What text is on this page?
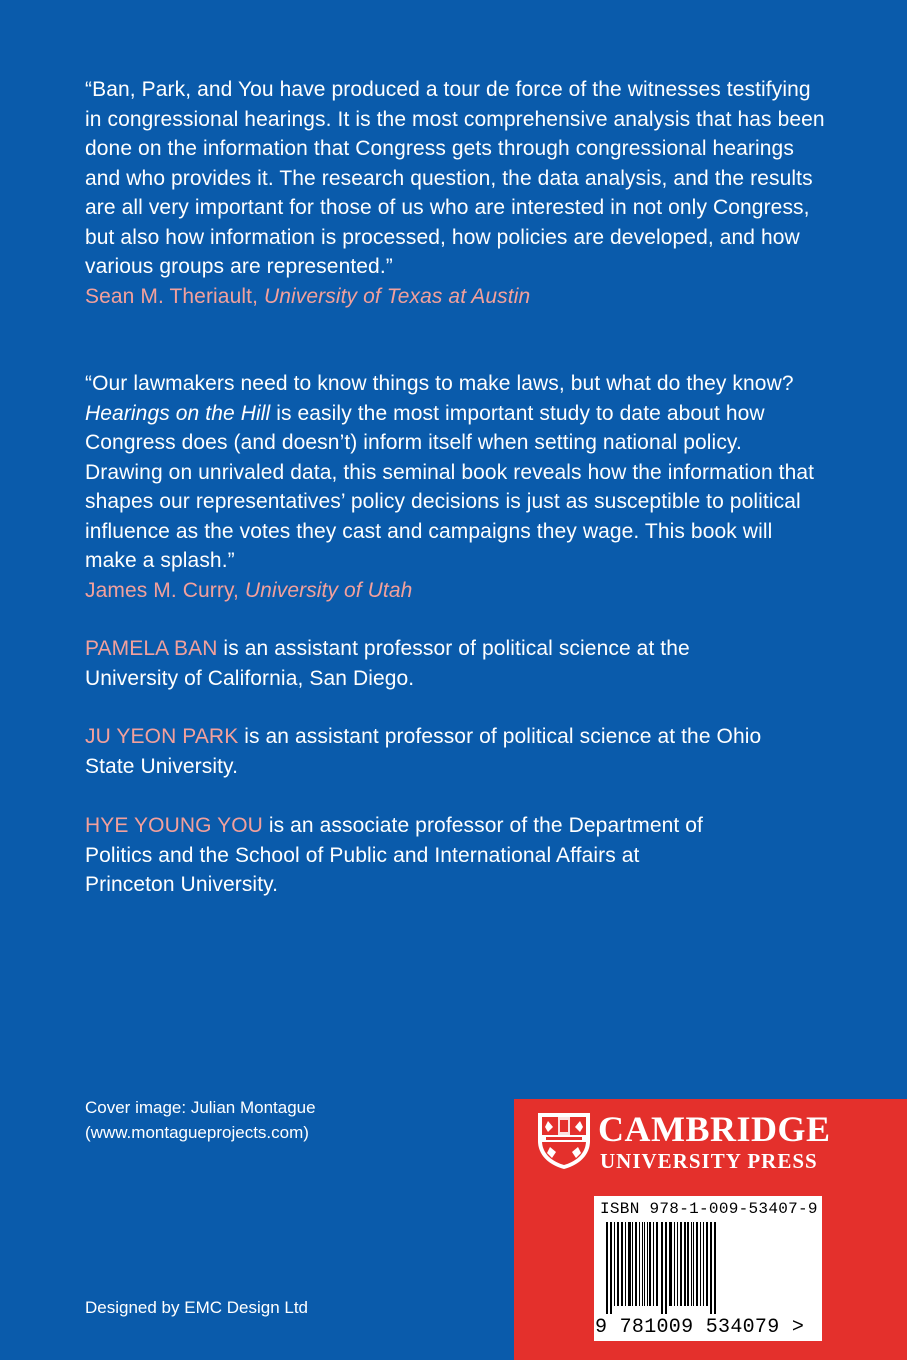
“Ban, Park, and You have produced a tour de force of the witnesses testifying in congressional hearings. It is the most comprehensive analysis that has been done on the information that Congress gets through congressional hearings and who provides it. The research question, the data analysis, and the results are all very important for those of us who are interested in not only Congress, but also how information is processed, how policies are developed, and how various groups are represented.”
Sean M. Theriault, University of Texas at Austin
“Our lawmakers need to know things to make laws, but what do they know? Hearings on the Hill is easily the most important study to date about how Congress does (and doesn’t) inform itself when setting national policy. Drawing on unrivaled data, this seminal book reveals how the information that shapes our representatives’ policy decisions is just as susceptible to political influence as the votes they cast and campaigns they wage. This book will make a splash.”
James M. Curry, University of Utah
PAMELA BAN is an assistant professor of political science at the University of California, San Diego.
JU YEON PARK is an assistant professor of political science at the Ohio State University.
HYE YOUNG YOU is an associate professor of the Department of Politics and the School of Public and International Affairs at Princeton University.
Cover image: Julian Montague
(www.montagueprojects.com)
Designed by EMC Design Ltd
CAMBRIDGE
UNIVERSITY PRESS
ISBN 978-1-009-53407-9
9 781009 534079 >
